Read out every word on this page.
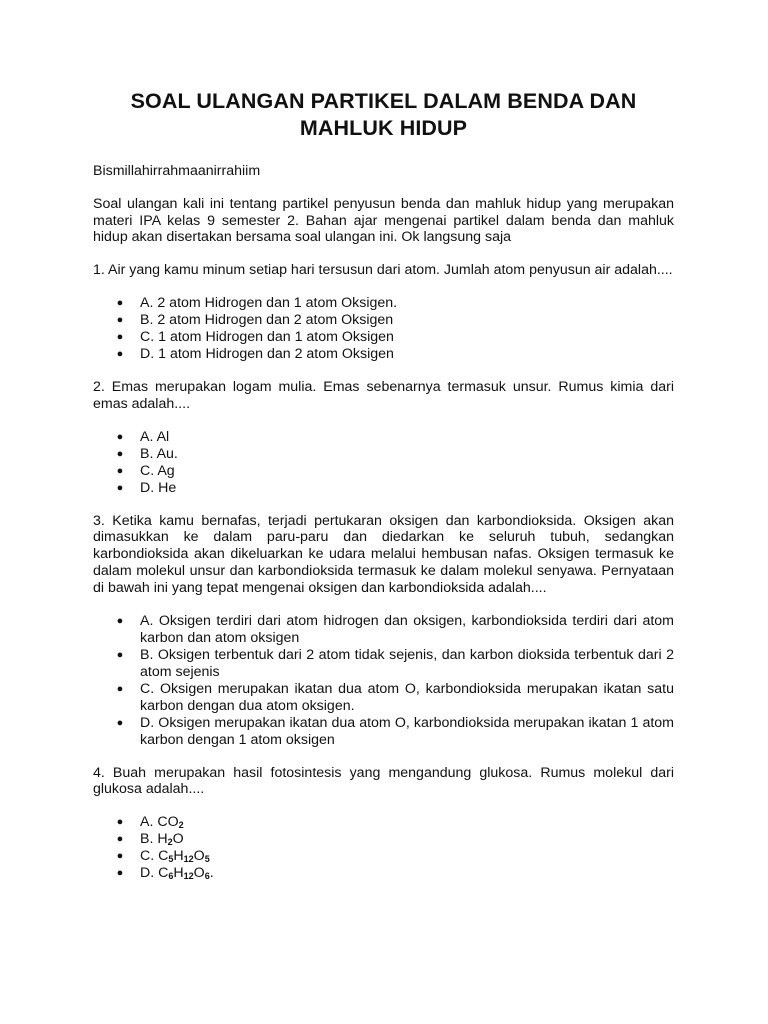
SOAL ULANGAN PARTIKEL DALAM BENDA DAN MAHLUK HIDUP

Bismillahirrahmaanirrahiim

Soal ulangan kali ini tentang partikel penyusun benda dan mahluk hidup yang merupakan materi IPA kelas 9 semester 2. Bahan ajar mengenai partikel dalam benda dan mahluk hidup akan disertakan bersama soal ulangan ini. Ok langsung saja

1. Air yang kamu minum setiap hari tersusun dari atom. Jumlah atom penyusun air adalah....

● A. 2 atom Hidrogen dan 1 atom Oksigen.
● B. 2 atom Hidrogen dan 2 atom Oksigen
● C. 1 atom Hidrogen dan 1 atom Oksigen
● D. 1 atom Hidrogen dan 2 atom Oksigen

2. Emas merupakan logam mulia. Emas sebenarnya termasuk unsur. Rumus kimia dari emas adalah....

● A. Al
● B. Au.
● C. Ag
● D. He

3. Ketika kamu bernafas, terjadi pertukaran oksigen dan karbondioksida. Oksigen akan dimasukkan ke dalam paru-paru dan diedarkan ke seluruh tubuh, sedangkan karbondioksida akan dikeluarkan ke udara melalui hembusan nafas. Oksigen termasuk ke dalam molekul unsur dan karbondioksida termasuk ke dalam molekul senyawa. Pernyataan di bawah ini yang tepat mengenai oksigen dan karbondioksida adalah....

● A. Oksigen terdiri dari atom hidrogen dan oksigen, karbondioksida terdiri dari atom karbon dan atom oksigen
● B. Oksigen terbentuk dari 2 atom tidak sejenis, dan karbon dioksida terbentuk dari 2 atom sejenis
● C. Oksigen merupakan ikatan dua atom O, karbondioksida merupakan ikatan satu karbon dengan dua atom oksigen.
● D. Oksigen merupakan ikatan dua atom O, karbondioksida merupakan ikatan 1 atom karbon dengan 1 atom oksigen

4. Buah merupakan hasil fotosintesis yang mengandung glukosa. Rumus molekul dari glukosa adalah....

● A. $CO_2$
● B. $H_2O$
● C. $C_5H_{12}O_5$
● D. $C_6H_{12}O_6$.
